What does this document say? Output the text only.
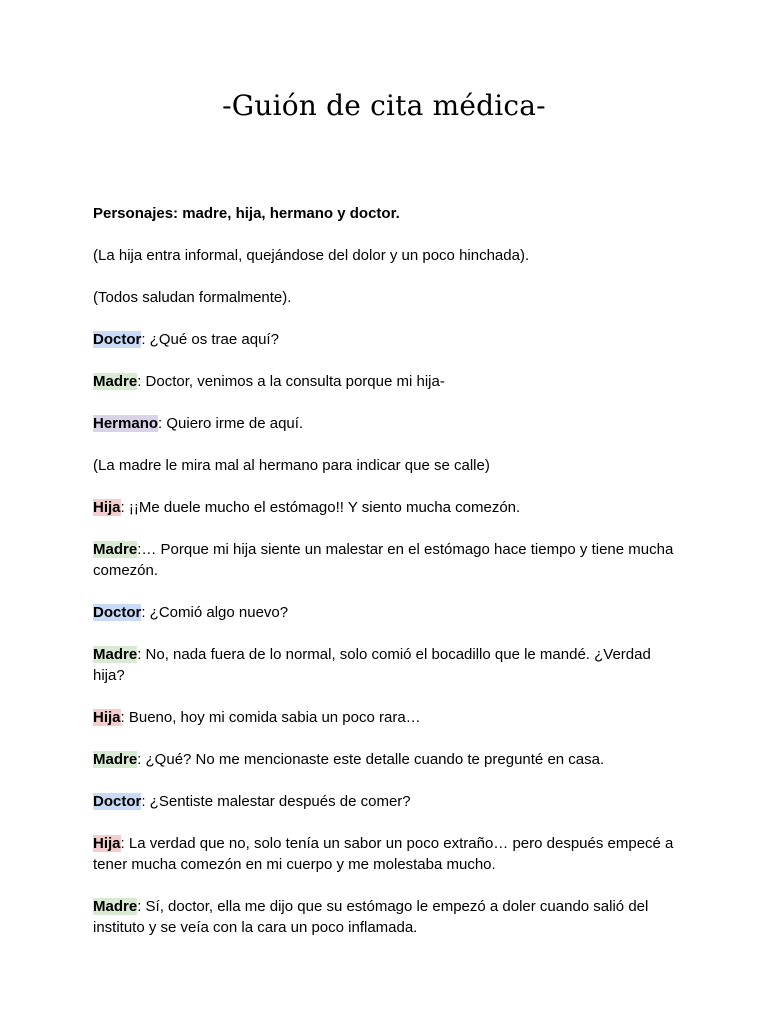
-Guión de cita médica-

Personajes: madre, hija, hermano y doctor.

(La hija entra informal, quejándose del dolor y un poco hinchada).

(Todos saludan formalmente).

Doctor: ¿Qué os trae aquí?

Madre: Doctor, venimos a la consulta porque mi hija-

Hermano: Quiero irme de aquí.

(La madre le mira mal al hermano para indicar que se calle)

Hija: ¡¡Me duele mucho el estómago!! Y siento mucha comezón.

Madre:… Porque mi hija siente un malestar en el estómago hace tiempo y tiene mucha comezón.

Doctor: ¿Comió algo nuevo?

Madre: No, nada fuera de lo normal, solo comió el bocadillo que le mandé. ¿Verdad hija?

Hija: Bueno, hoy mi comida sabia un poco rara…

Madre: ¿Qué? No me mencionaste este detalle cuando te pregunté en casa.

Doctor: ¿Sentiste malestar después de comer?

Hija: La verdad que no, solo tenía un sabor un poco extraño… pero después empecé a tener mucha comezón en mi cuerpo y me molestaba mucho.

Madre: Sí, doctor, ella me dijo que su estómago le empezó a doler cuando salió del instituto y se veía con la cara un poco inflamada.
